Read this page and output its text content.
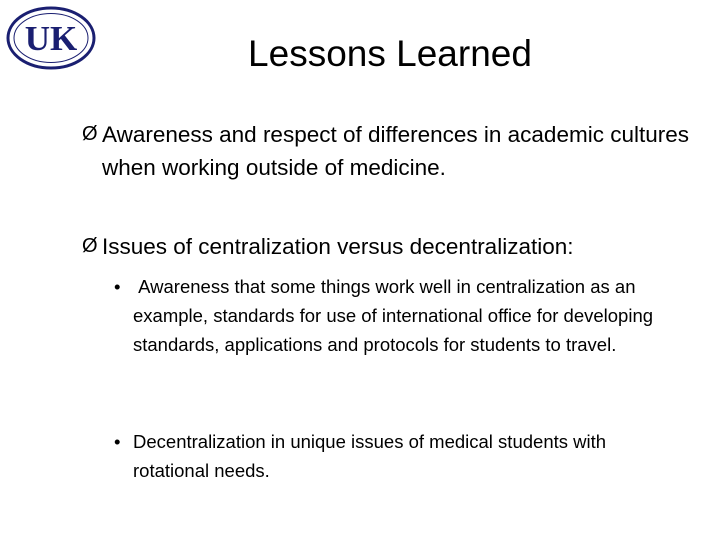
UK	Lessons Learned
Ø Awareness and respect of differences in academic cultures when working outside of medicine.
Ø Issues of centralization versus decentralization:
• Awareness that some things work well in centralization as an example, standards for use of international office for developing standards, applications and protocols for students to travel.
• Decentralization in unique issues of medical students with rotational needs.
